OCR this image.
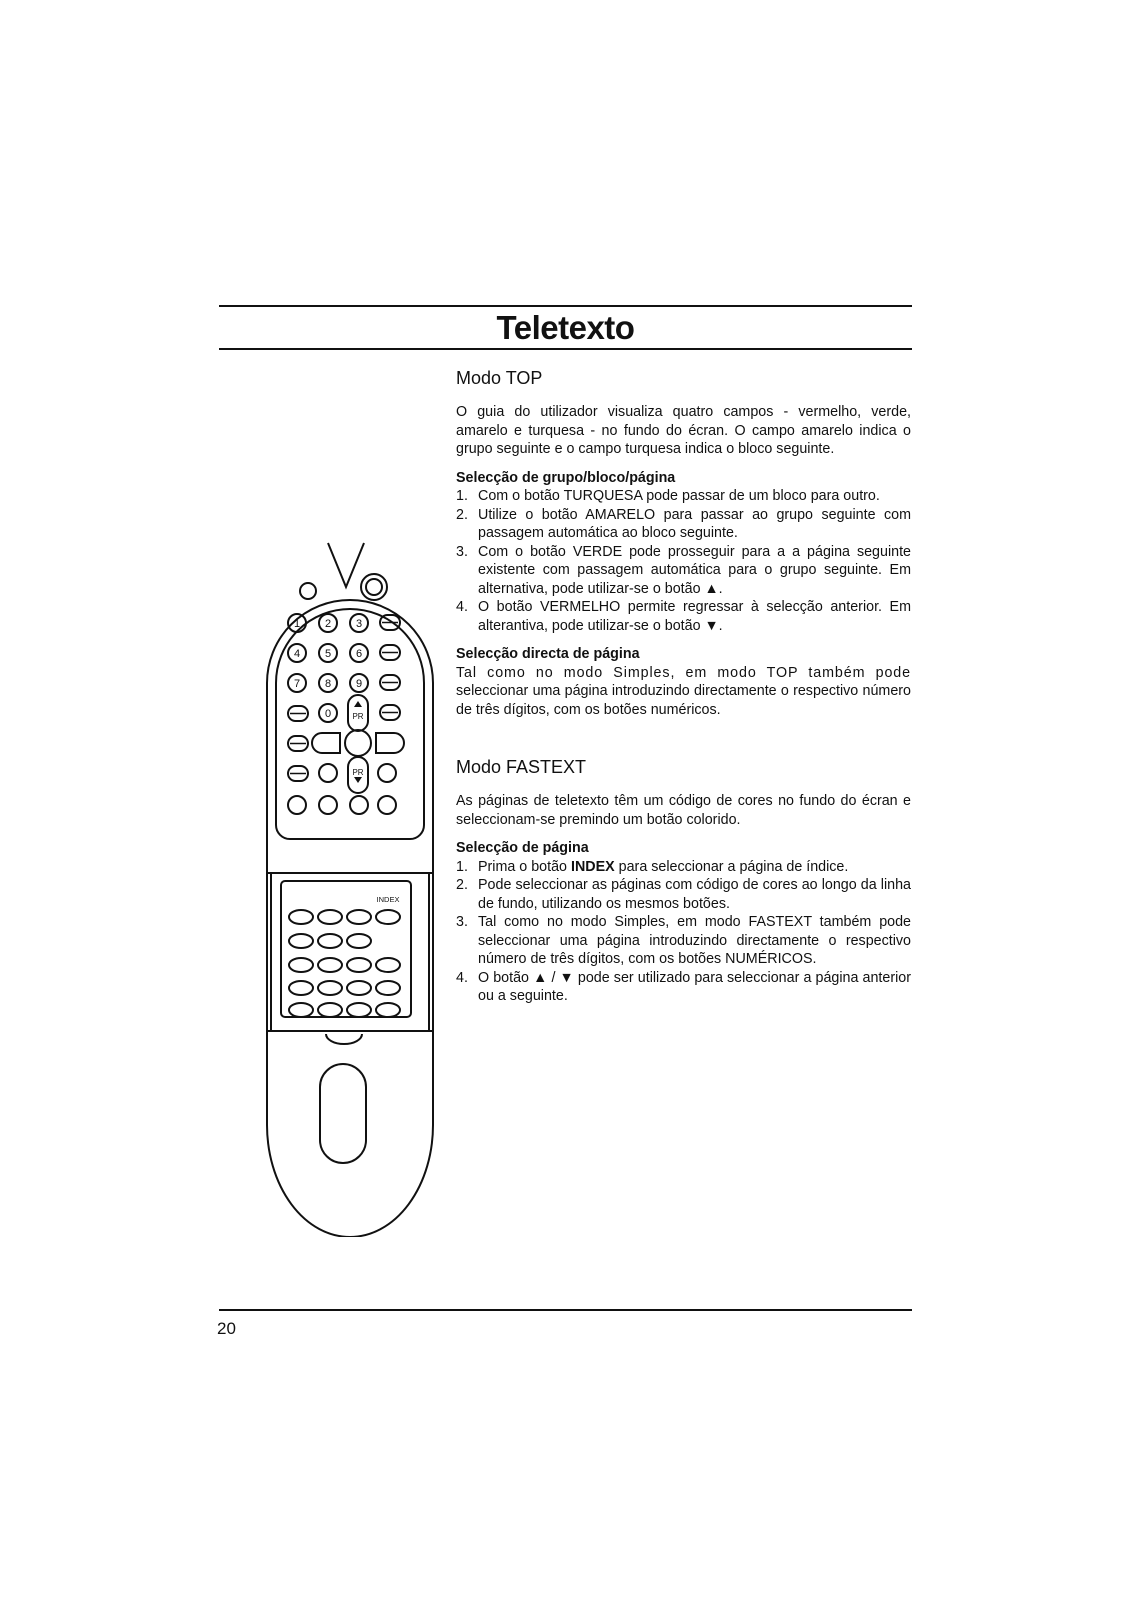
Teletexto
1 2 3
4 5 6
7 8 9
0	PR
PR
INDEX
Modo TOP

O guia do utilizador visualiza quatro campos - vermelho, verde, amarelo e turquesa - no fundo do écran. O campo amarelo indica o grupo seguinte e o campo turquesa indica o bloco seguinte.

Selecção de grupo/bloco/página

1. Com o botão TURQUESA pode passar de um bloco para outro.
2. Utilize o botão AMARELO para passar ao grupo seguinte com passagem automática ao bloco seguinte.
3. Com o botão VERDE pode prosseguir para a a página seguinte existente com passagem automática para o grupo seguinte. Em alternativa, pode utilizar-se o botão ▲.
4. O botão VERMELHO permite regressar à selecção anterior. Em alterantiva, pode utilizar-se o botão ▼.

Selecção directa de página

Tal como no modo Simples, em modo TOP também pode seleccionar uma página introduzindo directamente o respectivo número de três dígitos, com os botões numéricos.

Modo FASTEXT

As páginas de teletexto têm um código de cores no fundo do écran e seleccionam-se premindo um botão colorido.

Selecção de página

1. Prima o botão INDEX para seleccionar a página de índice.
2. Pode seleccionar as páginas com código de cores ao longo da linha de fundo, utilizando os mesmos botões.
3. Tal como no modo Simples, em modo FASTEXT também pode seleccionar uma página introduzindo directamente o respectivo número de três dígitos, com os botões NUMÉRICOS.
4. O botão ▲ / ▼ pode ser utilizado para seleccionar a página anterior ou a seguinte.
20
